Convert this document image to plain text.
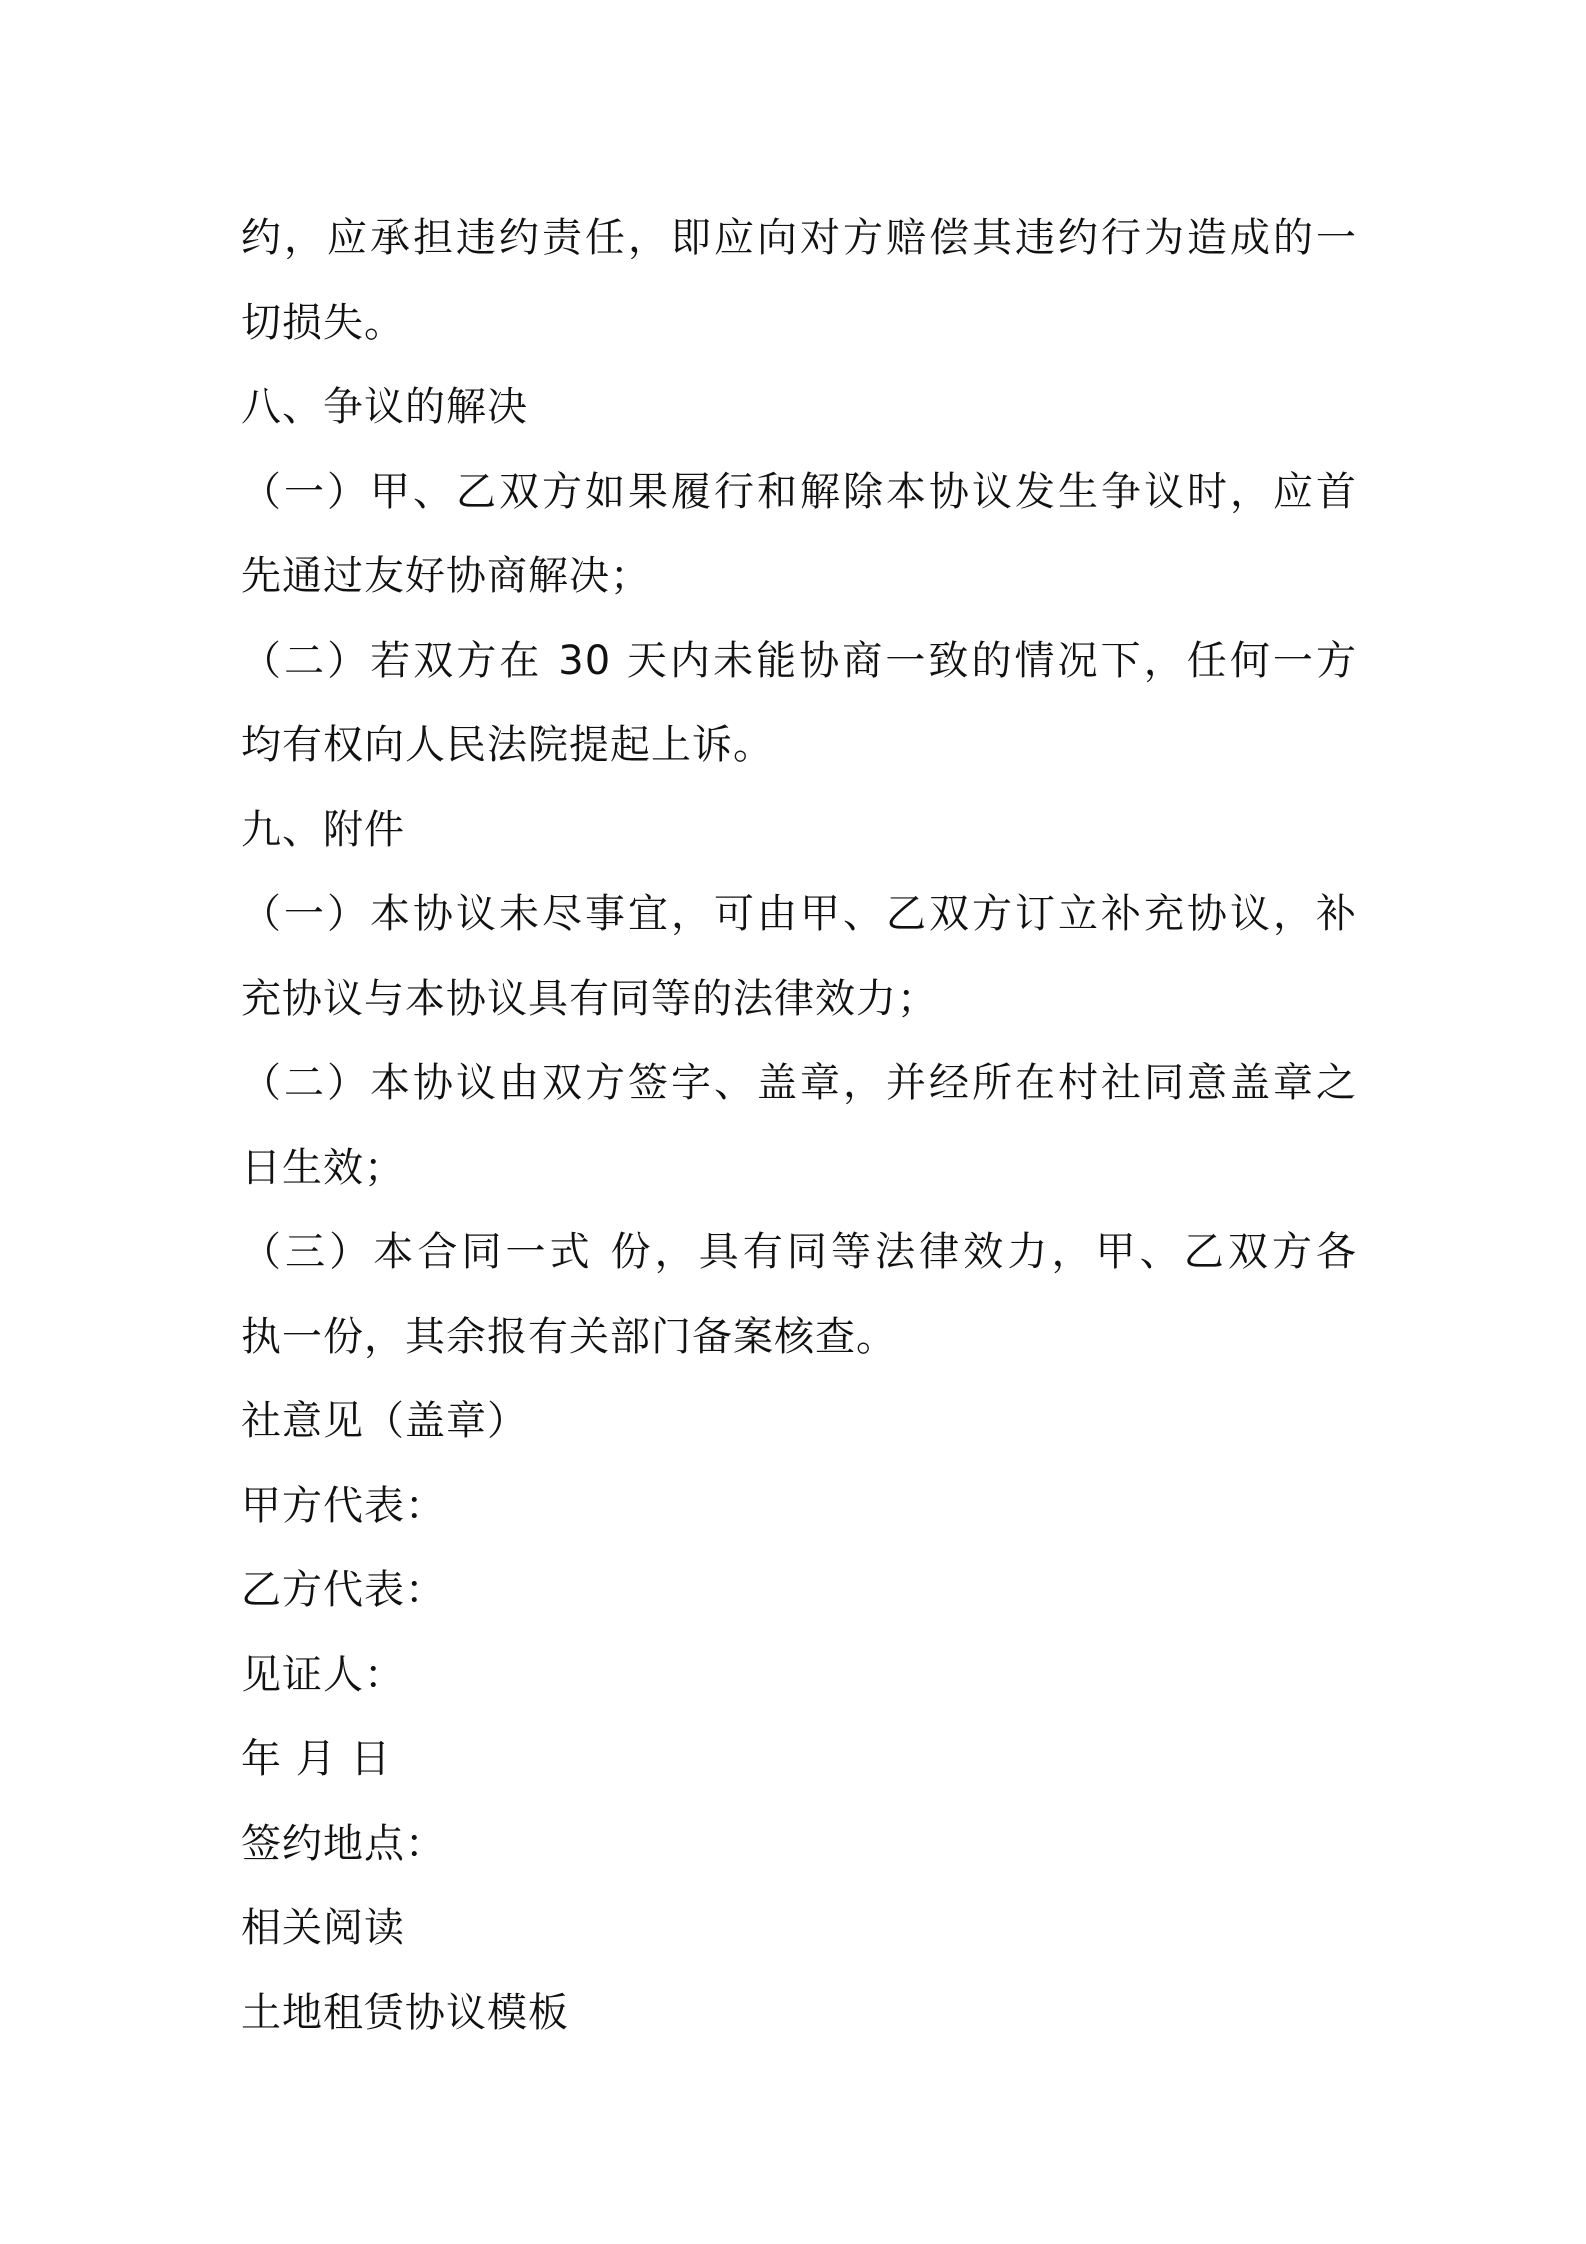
约，应承担违约责任，即应向对方赔偿其违约行为造成的一
切损失。
八、争议的解决
（一）甲、乙双方如果履行和解除本协议发生争议时，应首
先通过友好协商解决；
（二）若双方在 30 天内未能协商一致的情况下，任何一方
均有权向人民法院提起上诉。
九、附件
（一）本协议未尽事宜，可由甲、乙双方订立补充协议，补
充协议与本协议具有同等的法律效力；
（二）本协议由双方签字、盖章，并经所在村社同意盖章之
日生效；
（三）本合同一式 份，具有同等法律效力，甲、乙双方各
执一份，其余报有关部门备案核查。
社意见（盖章）
甲方代表：
乙方代表：
见证人：
年 月 日
签约地点：
相关阅读
土地租赁协议模板
